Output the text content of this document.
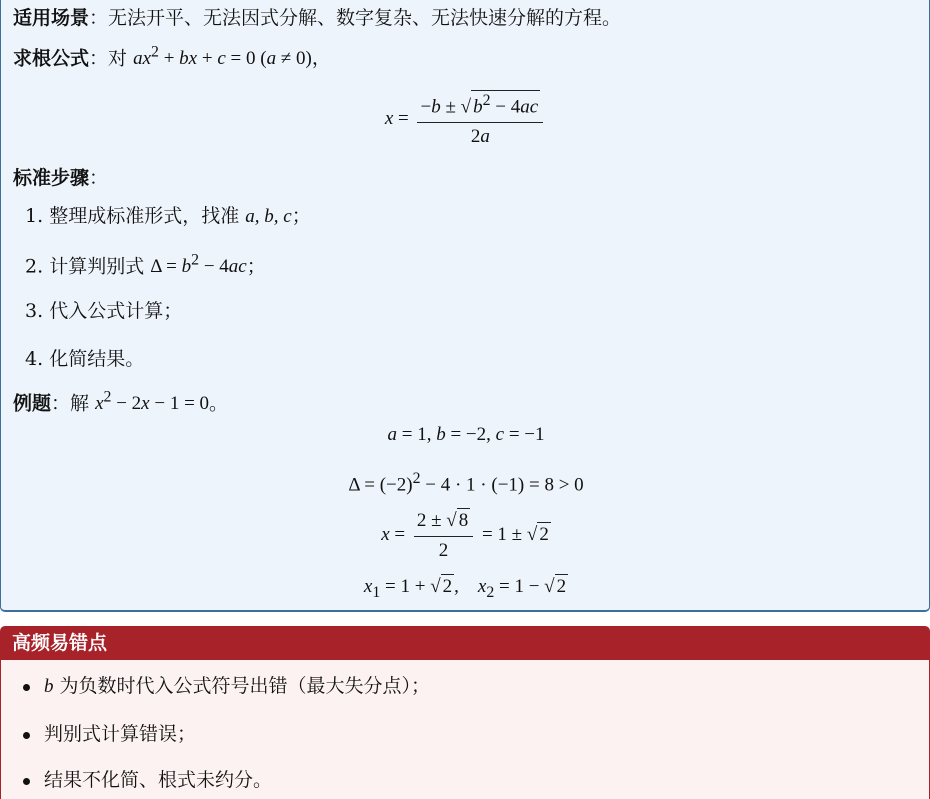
适用场景：无法开平、无法因式分解、数字复杂、无法快速分解的方程。
求根公式：对 $ax^2$ + bx + c = 0 (a ≠ 0)，
$x = \frac{-b \pm √ b^2 - 4ac}{2a}$
标准步骤：
1. 整理成标准形式，找准 a, b, c；
2. 计算判别式 $\Delta = b^2 - 4ac$；
3. 代入公式计算；
4. 化简结果。
例题：解 $x^2 - 2x - 1 = 0$。
a = 1, b = −2, c = −1
$\Delta = (-2)^2 - 4 \cdot 1 \cdot (-1) = 8 > 0$
$x = \frac{2 \pm √ 8}{2} = 1$ ± √ 2
$x_1 = 1$ + √ 2 , $x_2 = 1$ − √ 2
高频易错点
b 为负数时代入公式符号出错（最大失分点）；
判别式计算错误；
结果不化简、根式未约分。
